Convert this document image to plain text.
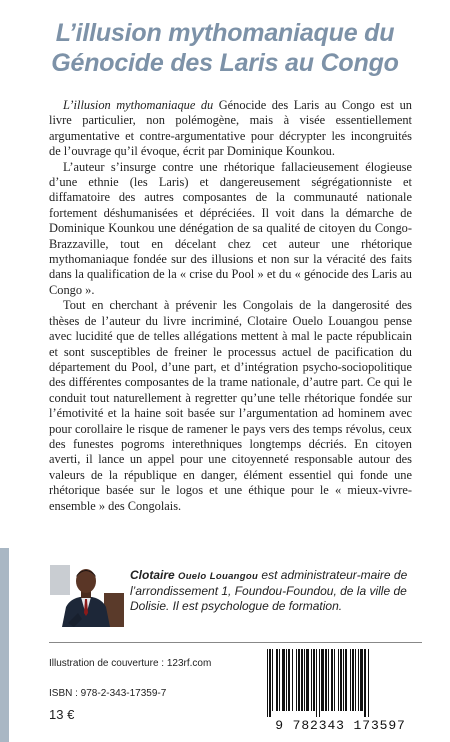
L’illusion mythomaniaque du
Génocide des Laris au Congo

L’illusion mythomaniaque du Génocide des Laris au Congo est un livre particulier, non polémogène, mais à visée essentiellement argumentative et contre-argumentative pour décrypter les incongruités de l’ouvrage qu’il évoque, écrit par Dominique Kounkou.

L’auteur s’insurge contre une rhétorique fallacieusement élogieuse d’une ethnie (les Laris) et dangereusement ségrégationniste et diffamatoire des autres composantes de la communauté nationale fortement déshumanisées et dépréciées. Il voit dans la démarche de Dominique Kounkou une dénégation de sa qualité de citoyen du Congo-Brazzaville, tout en décelant chez cet auteur une rhétorique mythomaniaque fondée sur des illusions et non sur la véracité des faits dans la qualification de la « crise du Pool » et du « génocide des Laris au Congo ».

Tout en cherchant à prévenir les Congolais de la dangerosité des thèses de l’auteur du livre incriminé, Clotaire Ouelo Louangou pense avec lucidité que de telles allégations mettent à mal le pacte républicain et sont susceptibles de freiner le processus actuel de pacification du département du Pool, d’une part, et d’intégration psycho-sociopolitique des différentes composantes de la trame nationale, d’autre part. Ce qui le conduit tout naturellement à regretter qu’une telle rhétorique fondée sur l’émotivité et la haine soit basée sur l’argumentation ad hominem avec pour corollaire le risque de ramener le pays vers des temps révolus, ceux des funestes pogroms interethniques longtemps décriés. En citoyen averti, il lance un appel pour une citoyenneté responsable autour des valeurs de la république en danger, élément essentiel qui fonde une rhétorique basée sur le logos et une éthique pour le « mieux-vivre-ensemble » des Congolais.

Clotaire Ouelo Louangou est administrateur-maire de l’arrondissement 1, Foundou-Foundou, de la ville de Dolisie. Il est psychologue de formation.
Illustration de couverture : 123rf.com
ISBN : 978-2-343-17359-7
13 €
9 782343 173597
